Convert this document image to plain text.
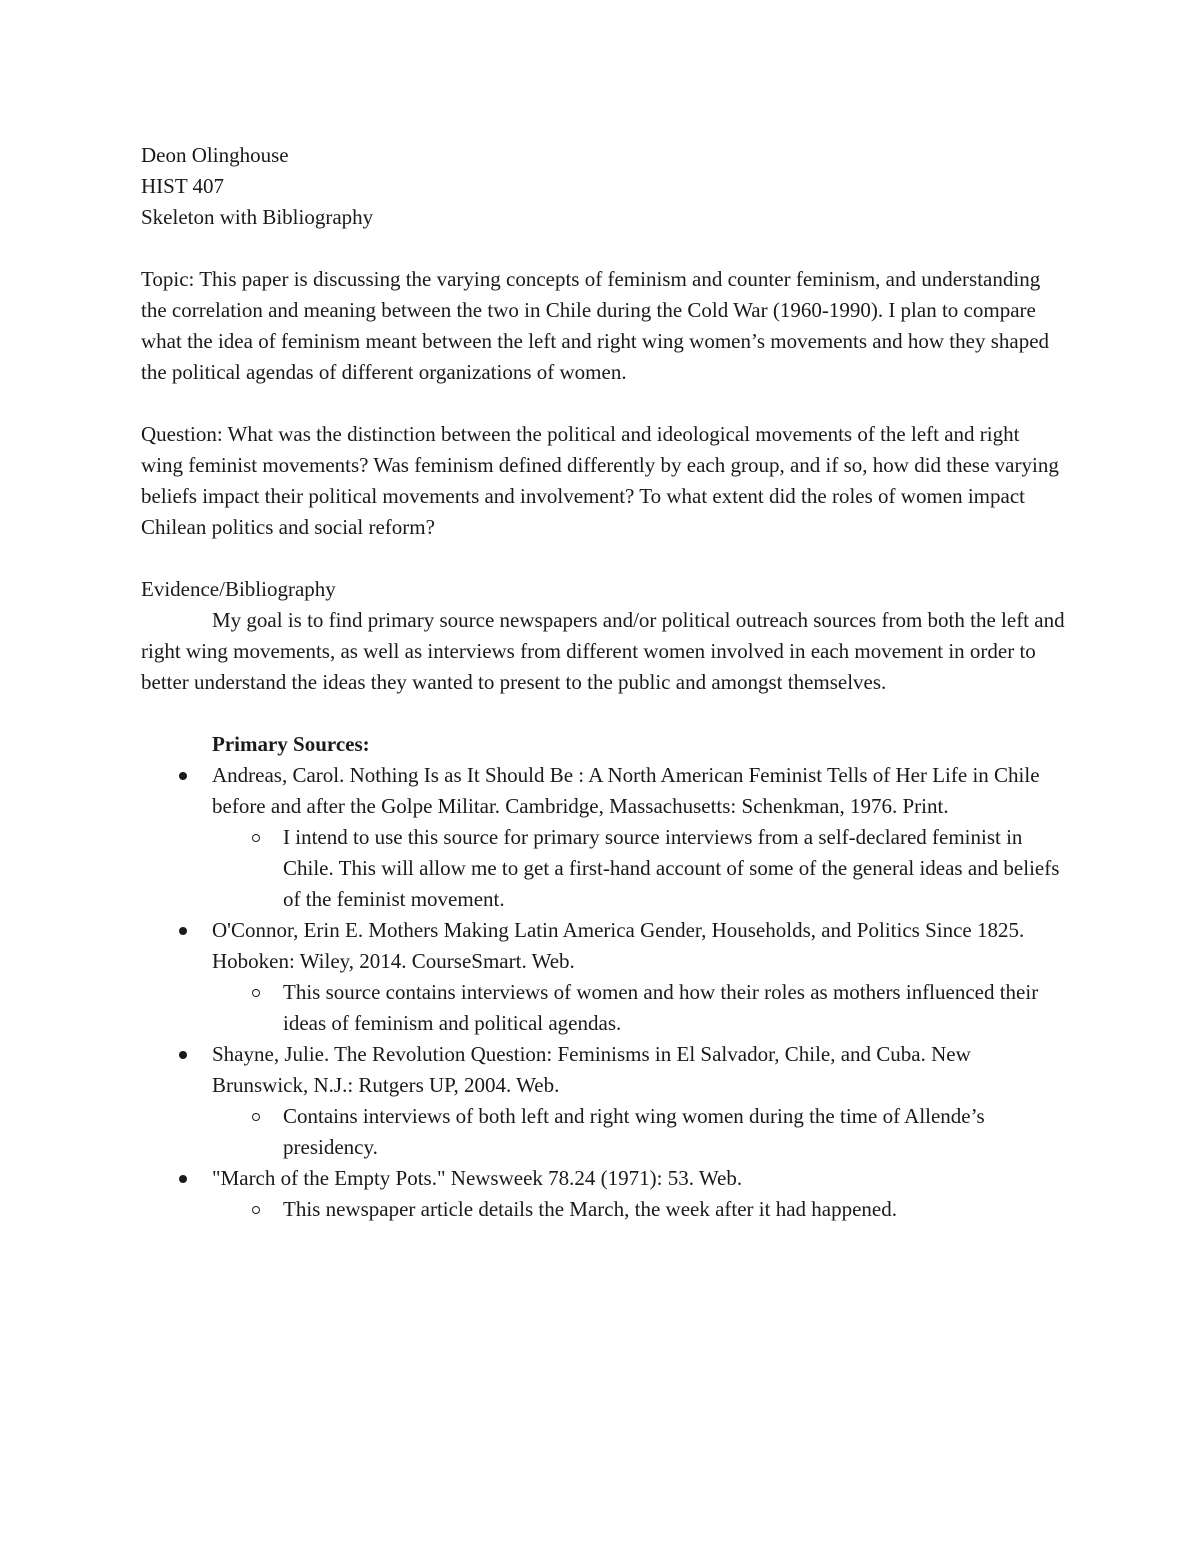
Deon Olinghouse

HIST 407

Skeleton with Bibliography

Topic: This paper is discussing the varying concepts of feminism and counter feminism, and understanding the correlation and meaning between the two in Chile during the Cold War (1960-1990). I plan to compare what the idea of feminism meant between the left and right wing women’s movements and how they shaped the political agendas of different organizations of women.

Question: What was the distinction between the political and ideological movements of the left and right wing feminist movements? Was feminism defined differently by each group, and if so, how did these varying beliefs impact their political movements and involvement? To what extent did the roles of women impact Chilean politics and social reform?

Evidence/Bibliography

My goal is to find primary source newspapers and/or political outreach sources from both the left and right wing movements, as well as interviews from different women involved in each movement in order to better understand the ideas they wanted to present to the public and amongst themselves.

Primary Sources:

Andreas, Carol. Nothing Is as It Should Be : A North American Feminist Tells of Her Life in Chile before and after the Golpe Militar. Cambridge, Massachusetts: Schenkman, 1976. Print.
I intend to use this source for primary source interviews from a self-declared feminist in Chile. This will allow me to get a first-hand account of some of the general ideas and beliefs of the feminist movement.
O'Connor, Erin E. Mothers Making Latin America Gender, Households, and Politics Since 1825. Hoboken: Wiley, 2014. CourseSmart. Web.
This source contains interviews of women and how their roles as mothers influenced their ideas of feminism and political agendas.
Shayne, Julie. The Revolution Question: Feminisms in El Salvador, Chile, and Cuba. New Brunswick, N.J.: Rutgers UP, 2004. Web.
Contains interviews of both left and right wing women during the time of Allende’s presidency.
"March of the Empty Pots." Newsweek 78.24 (1971): 53. Web.
This newspaper article details the March, the week after it had happened.
